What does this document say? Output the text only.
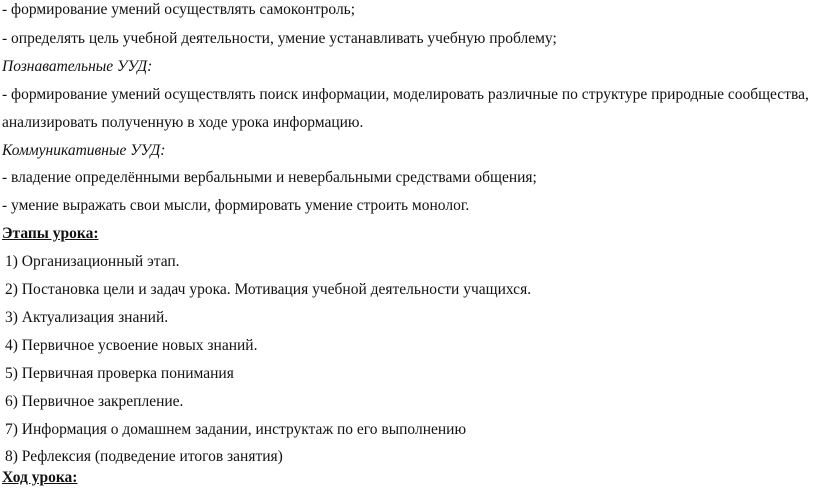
- формирование умений осуществлять самоконтроль;
- определять цель учебной деятельности, умение устанавливать учебную проблему;
Познавательные УУД:
- формирование умений осуществлять поиск информации, моделировать различные по структуре природные сообщества,
анализировать полученную в ходе урока информацию.
Коммуникативные УУД:
- владение определёнными вербальными и невербальными средствами общения;
- умение выражать свои мысли, формировать умение строить монолог.
Этапы урока:
1) Организационный этап.
2) Постановка цели и задач урока. Мотивация учебной деятельности учащихся.
3) Актуализация знаний.
4) Первичное усвоение новых знаний.
5) Первичная проверка понимания
6) Первичное закрепление.
7) Информация о домашнем задании, инструктаж по его выполнению
8) Рефлексия (подведение итогов занятия)
Ход урока:
